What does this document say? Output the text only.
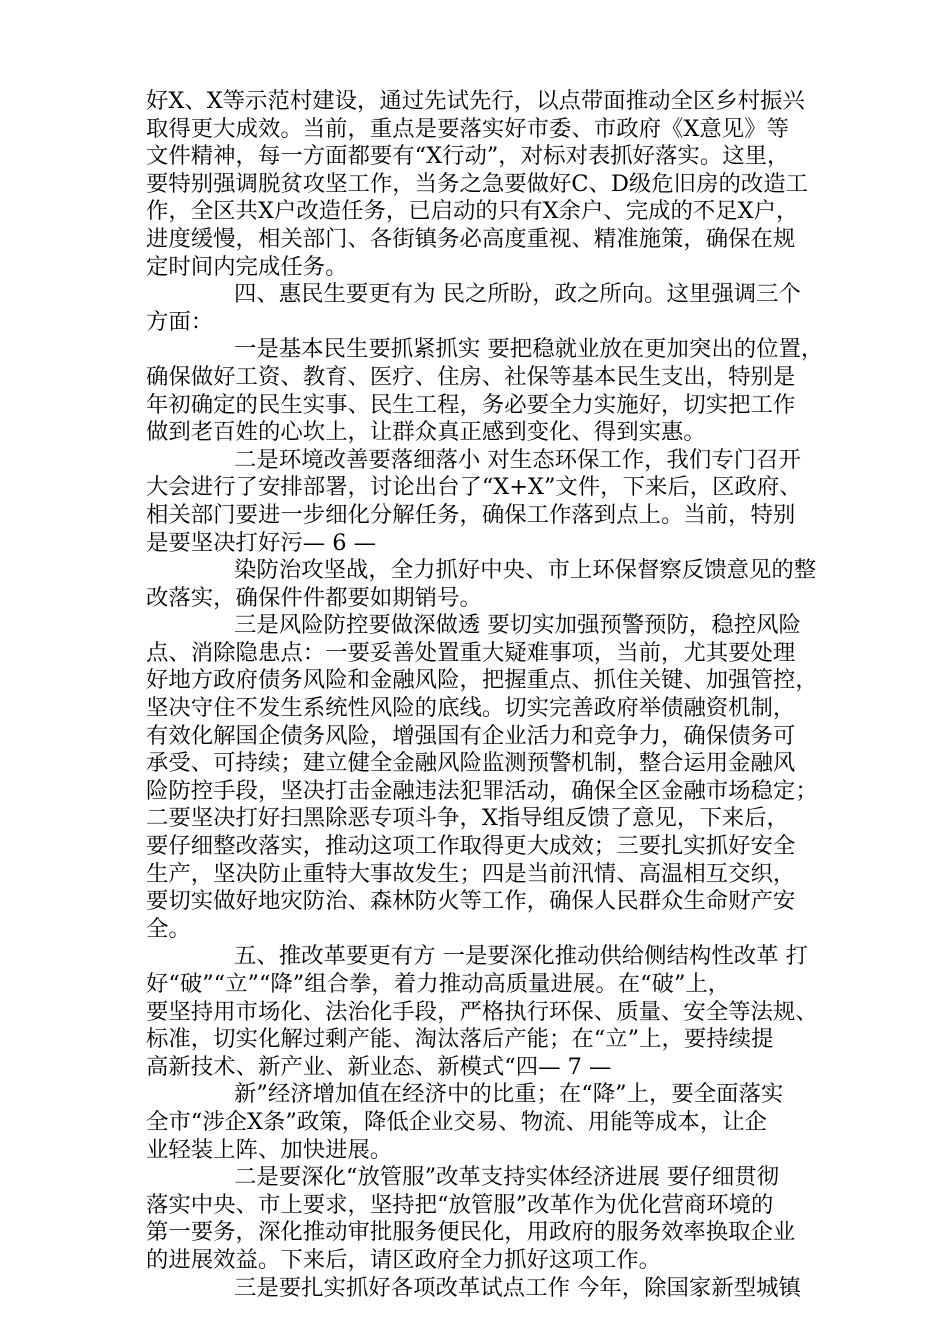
好X、X等示范村建设，通过先试先行，以点带面推动全区乡村振兴
取得更大成效。当前，重点是要落实好市委、市政府《X意见》等
文件精神，每一方面都要有“X行动”，对标对表抓好落实。这里，
要特别强调脱贫攻坚工作，当务之急要做好C、D级危旧房的改造工
作，全区共X户改造任务，已启动的只有X余户、完成的不足X户，
进度缓慢，相关部门、各街镇务必高度重视、精准施策，确保在规
定时间内完成任务。
四、惠民生要更有为 民之所盼，政之所向。这里强调三个
方面：
一是基本民生要抓紧抓实 要把稳就业放在更加突出的位置，
确保做好工资、教育、医疗、住房、社保等基本民生支出，特别是
年初确定的民生实事、民生工程，务必要全力实施好，切实把工作
做到老百姓的心坎上，让群众真正感到变化、得到实惠。
二是环境改善要落细落小 对生态环保工作，我们专门召开
大会进行了安排部署，讨论出台了“X+X”文件，下来后，区政府、
相关部门要进一步细化分解任务，确保工作落到点上。当前，特别
是要坚决打好污— 6 —
染防治攻坚战，全力抓好中央、市上环保督察反馈意见的整
改落实，确保件件都要如期销号。
三是风险防控要做深做透 要切实加强预警预防，稳控风险
点、消除隐患点：一要妥善处置重大疑难事项，当前，尤其要处理
好地方政府债务风险和金融风险，把握重点、抓住关键、加强管控，
坚决守住不发生系统性风险的底线。切实完善政府举债融资机制，
有效化解国企债务风险，增强国有企业活力和竞争力，确保债务可
承受、可持续；建立健全金融风险监测预警机制，整合运用金融风
险防控手段，坚决打击金融违法犯罪活动，确保全区金融市场稳定；
二要坚决打好扫黑除恶专项斗争，X指导组反馈了意见，下来后，
要仔细整改落实，推动这项工作取得更大成效；三要扎实抓好安全
生产，坚决防止重特大事故发生；四是当前汛情、高温相互交织，
要切实做好地灾防治、森林防火等工作，确保人民群众生命财产安
全。
五、推改革要更有方 一是要深化推动供给侧结构性改革 打
好“破”“立”“降”组合拳，着力推动高质量进展。在“破”上，
要坚持用市场化、法治化手段，严格执行环保、质量、安全等法规、
标准，切实化解过剩产能、淘汰落后产能；在“立”上，要持续提
高新技术、新产业、新业态、新模式“四— 7 —
新”经济增加值在经济中的比重；在“降”上，要全面落实
全市“涉企X条”政策，降低企业交易、物流、用能等成本，让企
业轻装上阵、加快进展。
二是要深化“放管服”改革支持实体经济进展 要仔细贯彻
落实中央、市上要求，坚持把“放管服”改革作为优化营商环境的
第一要务，深化推动审批服务便民化，用政府的服务效率换取企业
的进展效益。下来后，请区政府全力抓好这项工作。
三是要扎实抓好各项改革试点工作 今年，除国家新型城镇
